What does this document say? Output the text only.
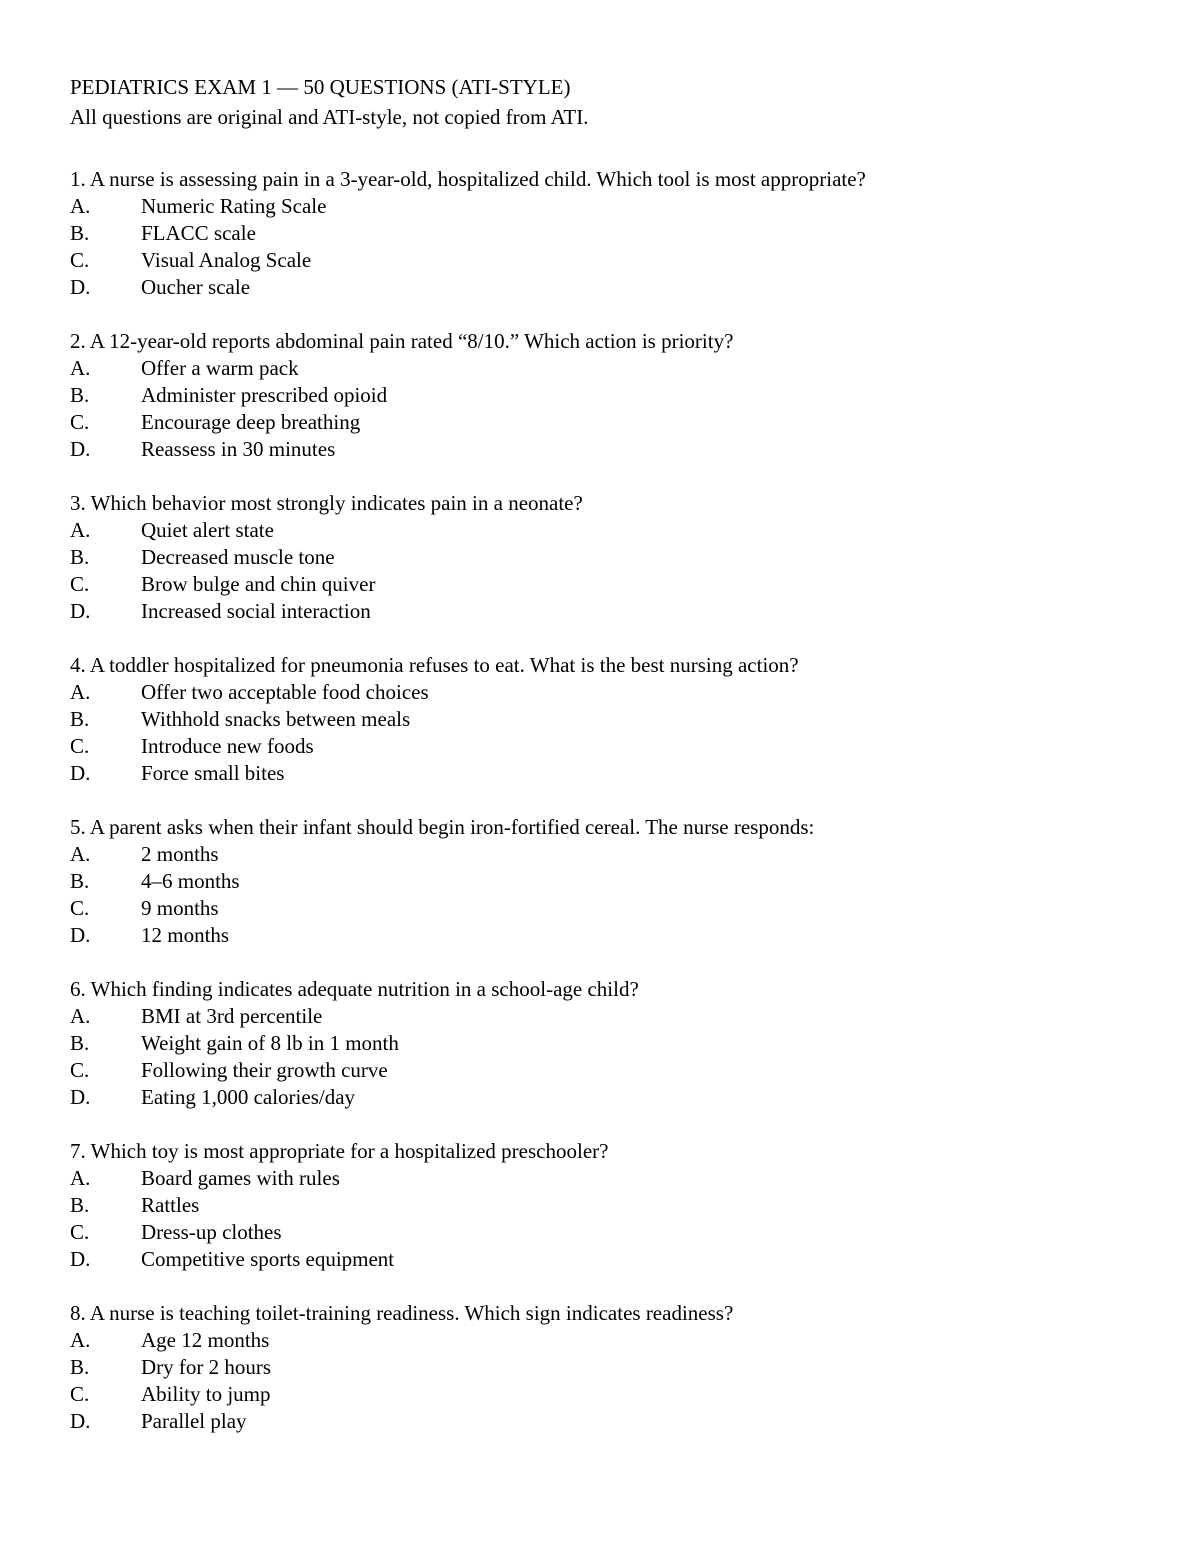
PEDIATRICS EXAM 1 — 50 QUESTIONS (ATI-STYLE)

All questions are original and ATI-style, not copied from ATI.

1. A nurse is assessing pain in a 3-year-old, hospitalized child. Which tool is most appropriate?

A.	Numeric Rating Scale
B.	FLACC scale
C.	Visual Analog Scale
D.	Oucher scale

2. A 12-year-old reports abdominal pain rated “8/10.” Which action is priority?

A.	Offer a warm pack
B.	Administer prescribed opioid
C.	Encourage deep breathing
D.	Reassess in 30 minutes

3. Which behavior most strongly indicates pain in a neonate?

A.	Quiet alert state
B.	Decreased muscle tone
C.	Brow bulge and chin quiver
D.	Increased social interaction

4. A toddler hospitalized for pneumonia refuses to eat. What is the best nursing action?

A.	Offer two acceptable food choices
B.	Withhold snacks between meals
C.	Introduce new foods
D.	Force small bites

5. A parent asks when their infant should begin iron-fortified cereal. The nurse responds:

A.	2 months
B.	4–6 months
C.	9 months
D.	12 months

6. Which finding indicates adequate nutrition in a school-age child?

A.	BMI at 3rd percentile
B.	Weight gain of 8 lb in 1 month
C.	Following their growth curve
D.	Eating 1,000 calories/day

7. Which toy is most appropriate for a hospitalized preschooler?

A.	Board games with rules
B.	Rattles
C.	Dress-up clothes
D.	Competitive sports equipment

8. A nurse is teaching toilet-training readiness. Which sign indicates readiness?

A.	Age 12 months
B.	Dry for 2 hours
C.	Ability to jump
D.	Parallel play
